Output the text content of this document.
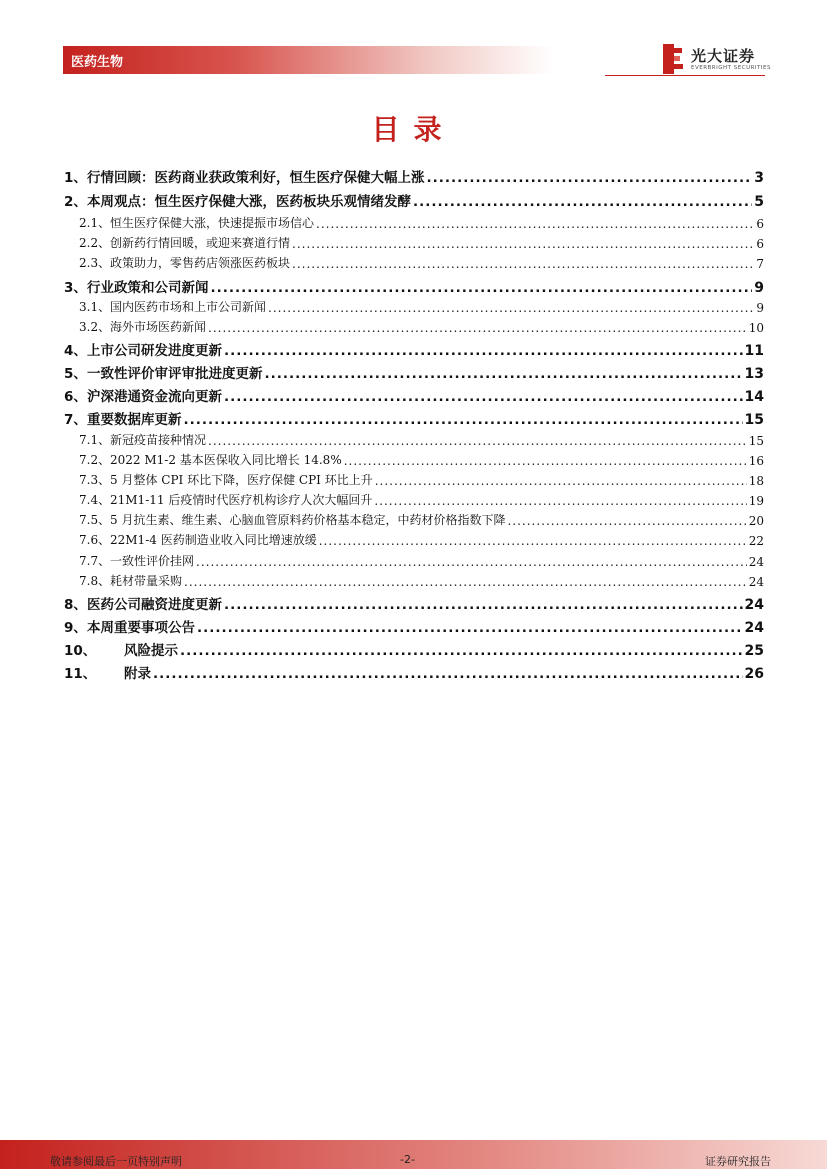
医药生物	光大证券
EVERBRIGHT SECURITIES
目录
1、 行情回顾：医药商业获政策利好，恒生医疗保健大幅上涨 .....	3
2、 本周观点：恒生医疗保健大涨，医药板块乐观情绪发酵 .....	5
2.1、 恒生医疗保健大涨，快速提振市场信心 .....	6
2.2、 创新药行情回暖，或迎来赛道行情 .....	6
2.3、 政策助力，零售药店领涨医药板块 .....	7
3、 行业政策和公司新闻 .....	9
3.1、 国内医药市场和上市公司新闻 .....	9
3.2、 海外市场医药新闻 .....	10
4、 上市公司研发进度更新 .....	11
5、 一致性评价审评审批进度更新 .....	13
6、 沪深港通资金流向更新 .....	14
7、 重要数据库更新 .....	15
7.1、 新冠疫苗接种情况 .....	15
7.2、 2022 M1-2 基本医保收入同比增长 14.8% .....	16
7.3、 5 月整体 CPI 环比下降，医疗保健 CPI 环比上升 .....	18
7.4、 21M1-11 后疫情时代医疗机构诊疗人次大幅回升 .....	19
7.5、 5 月抗生素、维生素、心脑血管原料药价格基本稳定，中药材价格指数下降 .....	20
7.6、 22M1-4 医药制造业收入同比增速放缓 .....	22
7.7、 一致性评价挂网 .....	24
7.8、 耗材带量采购 .....	24
8、 医药公司融资进度更新 .....	24
9、 本周重要事项公告 .....	24
10、	风险提示 .....	25
11、	附录 .....	26
敬请参阅最后一页特别声明	-2-	证券研究报告
